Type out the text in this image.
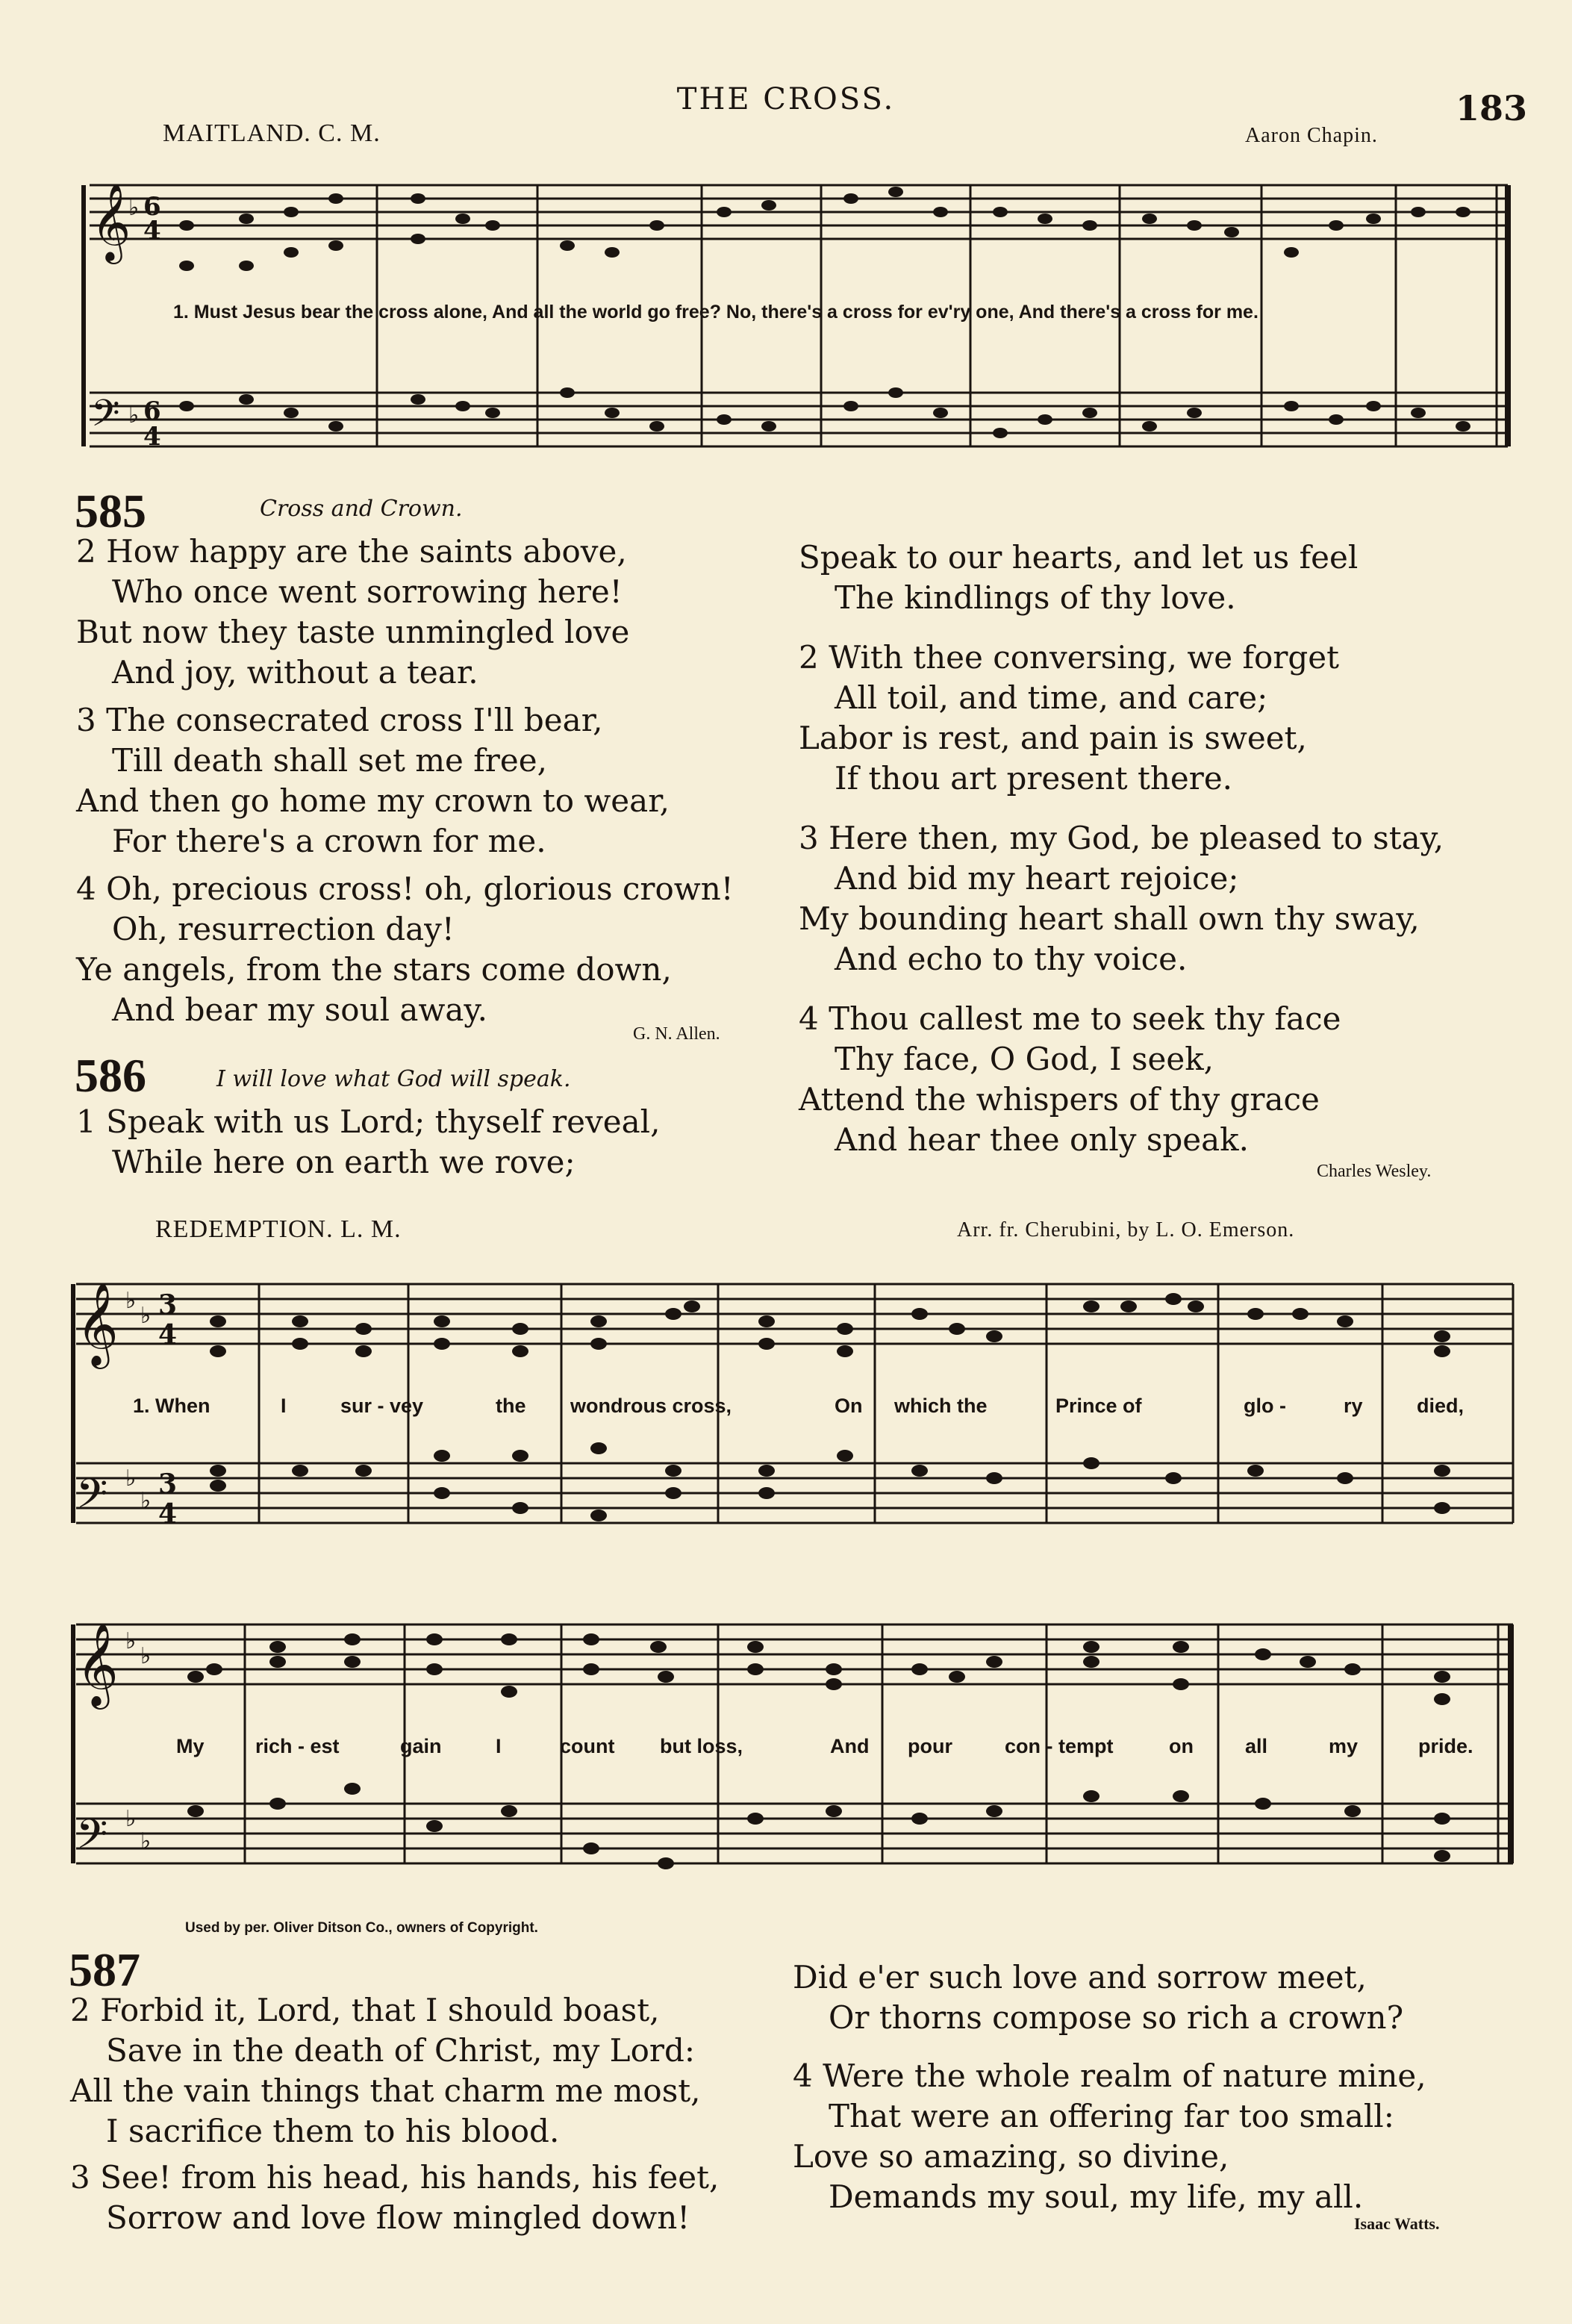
THE CROSS.	183
MAITLAND. C. M.	Aaron Chapin.
𝄞
𝄢
6
4
6
4
♭
♭
1. Must Jesus bear the cross alone, And all the world go free? No, there's a cross for ev'ry one, And there's a cross for me.
585	Cross and Crown.
2 How happy are the saints above,
Who once went sorrowing here!
But now they taste unmingled love
And joy, without a tear.
3 The consecrated cross I'll bear,
Till death shall set me free,
And then go home my crown to wear,
For there's a crown for me.
4 Oh, precious cross! oh, glorious crown!
Oh, resurrection day!
Ye angels, from the stars come down,
And bear my soul away.
G. N. Allen.
586	I will love what God will speak.
1 Speak with us Lord; thyself reveal,
While here on earth we rove;
Speak to our hearts, and let us feel
The kindlings of thy love.
2 With thee conversing, we forget
All toil, and time, and care;
Labor is rest, and pain is sweet,
If thou art present there.
3 Here then, my God, be pleased to stay,
And bid my heart rejoice;
My bounding heart shall own thy sway,
And echo to thy voice.
4 Thou callest me to seek thy face
Thy face, O God, I seek,
Attend the whispers of thy grace
And hear thee only speak.
Charles Wesley.
REDEMPTION. L. M.	Arr. fr. Cherubini, by L. O. Emerson.
𝄞
𝄢
♭
♭
♭
♭
3
4
3
4
1. When	I	sur - vey	the wondrous cross,	On which the	Prince of	glo -	ry	died,
𝄞
𝄢
♭
♭
♭
♭
My	rich - est	gain	I	count but loss,	And pour	con - tempt	on	all	my	pride.
Used by per. Oliver Ditson Co., owners of Copyright.
587
2 Forbid it, Lord, that I should boast,
Save in the death of Christ, my Lord:
All the vain things that charm me most,
I sacrifice them to his blood.
3 See! from his head, his hands, his feet,
Sorrow and love flow mingled down!
Did e'er such love and sorrow meet,
Or thorns compose so rich a crown?
4 Were the whole realm of nature mine,
That were an offering far too small:
Love so amazing, so divine,
Demands my soul, my life, my all.
Isaac Watts.
